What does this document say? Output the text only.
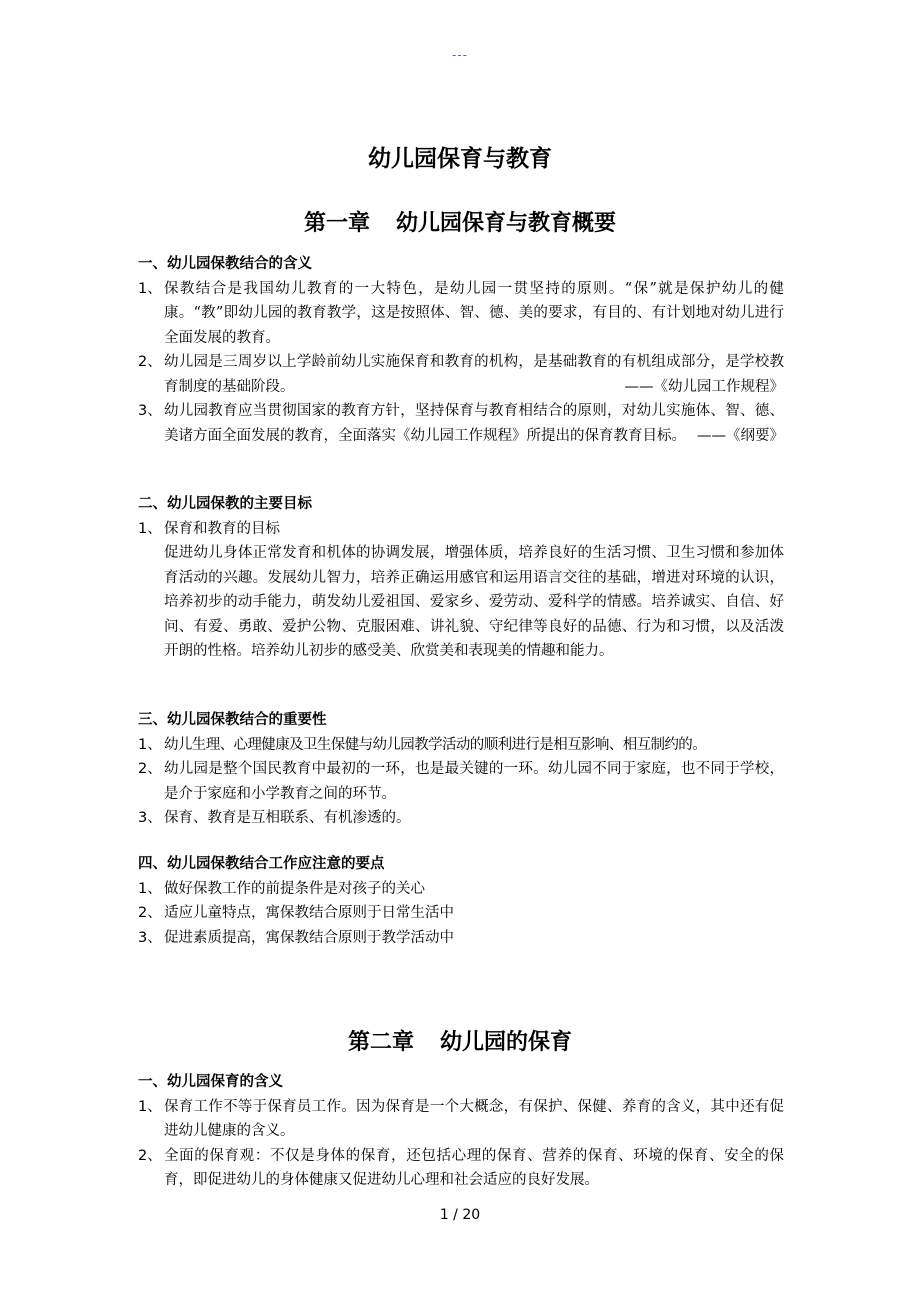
---
幼儿园保育与教育
第一章 幼儿园保育与教育概要
一、幼儿园保教结合的含义
1、 保教结合是我国幼儿教育的一大特色，是幼儿园一贯坚持的原则。“保”就是保护幼儿的健康。“教”即幼儿园的教育教学，这是按照体、智、德、美的要求，有目的、有计划地对幼儿进行全面发展的教育。
2、 幼儿园是三周岁以上学龄前幼儿实施保育和教育的机构，是基础教育的有机组成部分，是学校教育制度的基础阶段。	——《幼儿园工作规程》
3、 幼儿园教育应当贯彻国家的教育方针，坚持保育与教育相结合的原则，对幼儿实施体、智、德、美诸方面全面发展的教育，全面落实《幼儿园工作规程》所提出的保育教育目标。 ——《纲要》
二、幼儿园保教的主要目标
1、 保育和教育的目标
促进幼儿身体正常发育和机体的协调发展，增强体质，培养良好的生活习惯、卫生习惯和参加体育活动的兴趣。发展幼儿智力，培养正确运用感官和运用语言交往的基础，增进对环境的认识，培养初步的动手能力，萌发幼儿爱祖国、爱家乡、爱劳动、爱科学的情感。培养诚实、自信、好问、有爱、勇敢、爱护公物、克服困难、讲礼貌、守纪律等良好的品德、行为和习惯，以及活泼开朗的性格。培养幼儿初步的感受美、欣赏美和表现美的情趣和能力。
三、幼儿园保教结合的重要性
1、 幼儿生理、心理健康及卫生保健与幼儿园教学活动的顺利进行是相互影响、相互制约的。
2、 幼儿园是整个国民教育中最初的一环，也是最关键的一环。幼儿园不同于家庭，也不同于学校，是介于家庭和小学教育之间的环节。
3、 保育、教育是互相联系、有机渗透的。
四、幼儿园保教结合工作应注意的要点
1、 做好保教工作的前提条件是对孩子的关心
2、 适应儿童特点，寓保教结合原则于日常生活中
3、 促进素质提高，寓保教结合原则于教学活动中
第二章 幼儿园的保育
一、幼儿园保育的含义
1、 保育工作不等于保育员工作。因为保育是一个大概念，有保护、保健、养育的含义，其中还有促进幼儿健康的含义。
2、 全面的保育观：不仅是身体的保育，还包括心理的保育、营养的保育、环境的保育、安全的保育，即促进幼儿的身体健康又促进幼儿心理和社会适应的良好发展。
1 / 20
